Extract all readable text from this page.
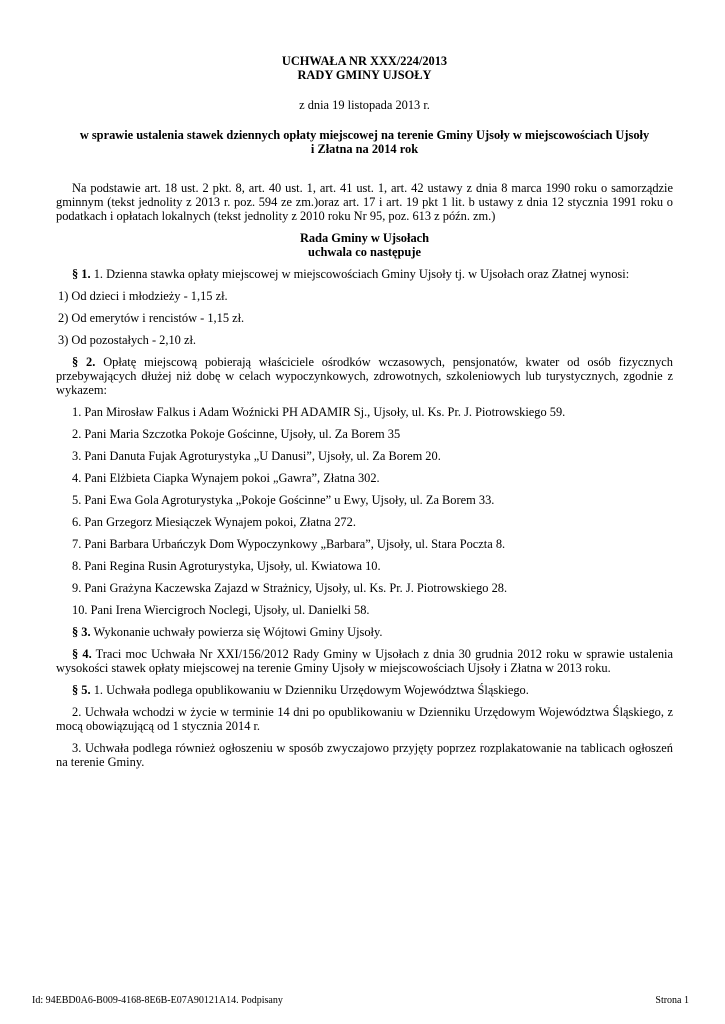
UCHWAŁA NR XXX/224/2013

RADY GMINY UJSOŁY

z dnia 19 listopada 2013 r.

w sprawie ustalenia stawek dziennych opłaty miejscowej na terenie Gminy Ujsoły w miejscowościach Ujsoły

i Złatna na 2014 rok

Na podstawie art. 18 ust. 2 pkt. 8, art. 40 ust. 1, art. 41 ust. 1, art. 42 ustawy z dnia 8 marca 1990 roku o samorządzie gminnym (tekst jednolity z 2013 r. poz. 594 ze zm.)oraz art. 17 i art. 19 pkt 1 lit. b ustawy z dnia 12 stycznia 1991 roku o podatkach i opłatach lokalnych (tekst jednolity z 2010 roku Nr 95, poz. 613 z późn. zm.)

Rada Gminy w Ujsołach

uchwala co następuje

§ 1. 1. Dzienna stawka opłaty miejscowej w miejscowościach Gminy Ujsoły tj. w Ujsołach oraz Złatnej wynosi:

1) Od dzieci i młodzieży - 1,15 zł.

2) Od emerytów i rencistów - 1,15 zł.

3) Od pozostałych - 2,10 zł.

§ 2. Opłatę miejscową pobierają właściciele ośrodków wczasowych, pensjonatów, kwater od osób fizycznych przebywających dłużej niż dobę w celach wypoczynkowych, zdrowotnych, szkoleniowych lub turystycznych, zgodnie z wykazem:

1. Pan Mirosław Falkus i Adam Woźnicki PH ADAMIR Sj., Ujsoły, ul. Ks. Pr. J. Piotrowskiego 59.

2. Pani Maria Szczotka Pokoje Gościnne, Ujsoły, ul. Za Borem 35

3. Pani Danuta Fujak Agroturystyka „U Danusi”, Ujsoły, ul. Za Borem 20.

4. Pani Elżbieta Ciapka Wynajem pokoi „Gawra”, Złatna 302.

5. Pani Ewa Gola Agroturystyka „Pokoje Gościnne” u Ewy, Ujsoły, ul. Za Borem 33.

6. Pan Grzegorz Miesiączek Wynajem pokoi, Złatna 272.

7. Pani Barbara Urbańczyk Dom Wypoczynkowy „Barbara”, Ujsoły, ul. Stara Poczta 8.

8. Pani Regina Rusin Agroturystyka, Ujsoły, ul. Kwiatowa 10.

9. Pani Grażyna Kaczewska Zajazd w Strażnicy, Ujsoły, ul. Ks. Pr. J. Piotrowskiego 28.

10. Pani Irena Wiercigroch Noclegi, Ujsoły, ul. Danielki 58.

§ 3. Wykonanie uchwały powierza się Wójtowi Gminy Ujsoły.

§ 4. Traci moc Uchwała Nr XXI/156/2012 Rady Gminy w Ujsołach z dnia 30 grudnia 2012 roku w sprawie ustalenia wysokości stawek opłaty miejscowej na terenie Gminy Ujsoły w miejscowościach Ujsoły i Złatna w 2013 roku.

§ 5. 1. Uchwała podlega opublikowaniu w Dzienniku Urzędowym Województwa Śląskiego.

2. Uchwała wchodzi w życie w terminie 14 dni po opublikowaniu w Dzienniku Urzędowym Województwa Śląskiego, z mocą obowiązującą od 1 stycznia 2014 r.

3. Uchwała podlega również ogłoszeniu w sposób zwyczajowo przyjęty poprzez rozplakatowanie na tablicach ogłoszeń na terenie Gminy.

Id: 94EBD0A6-B009-4168-8E6B-E07A90121A14. Podpisany	Strona 1
